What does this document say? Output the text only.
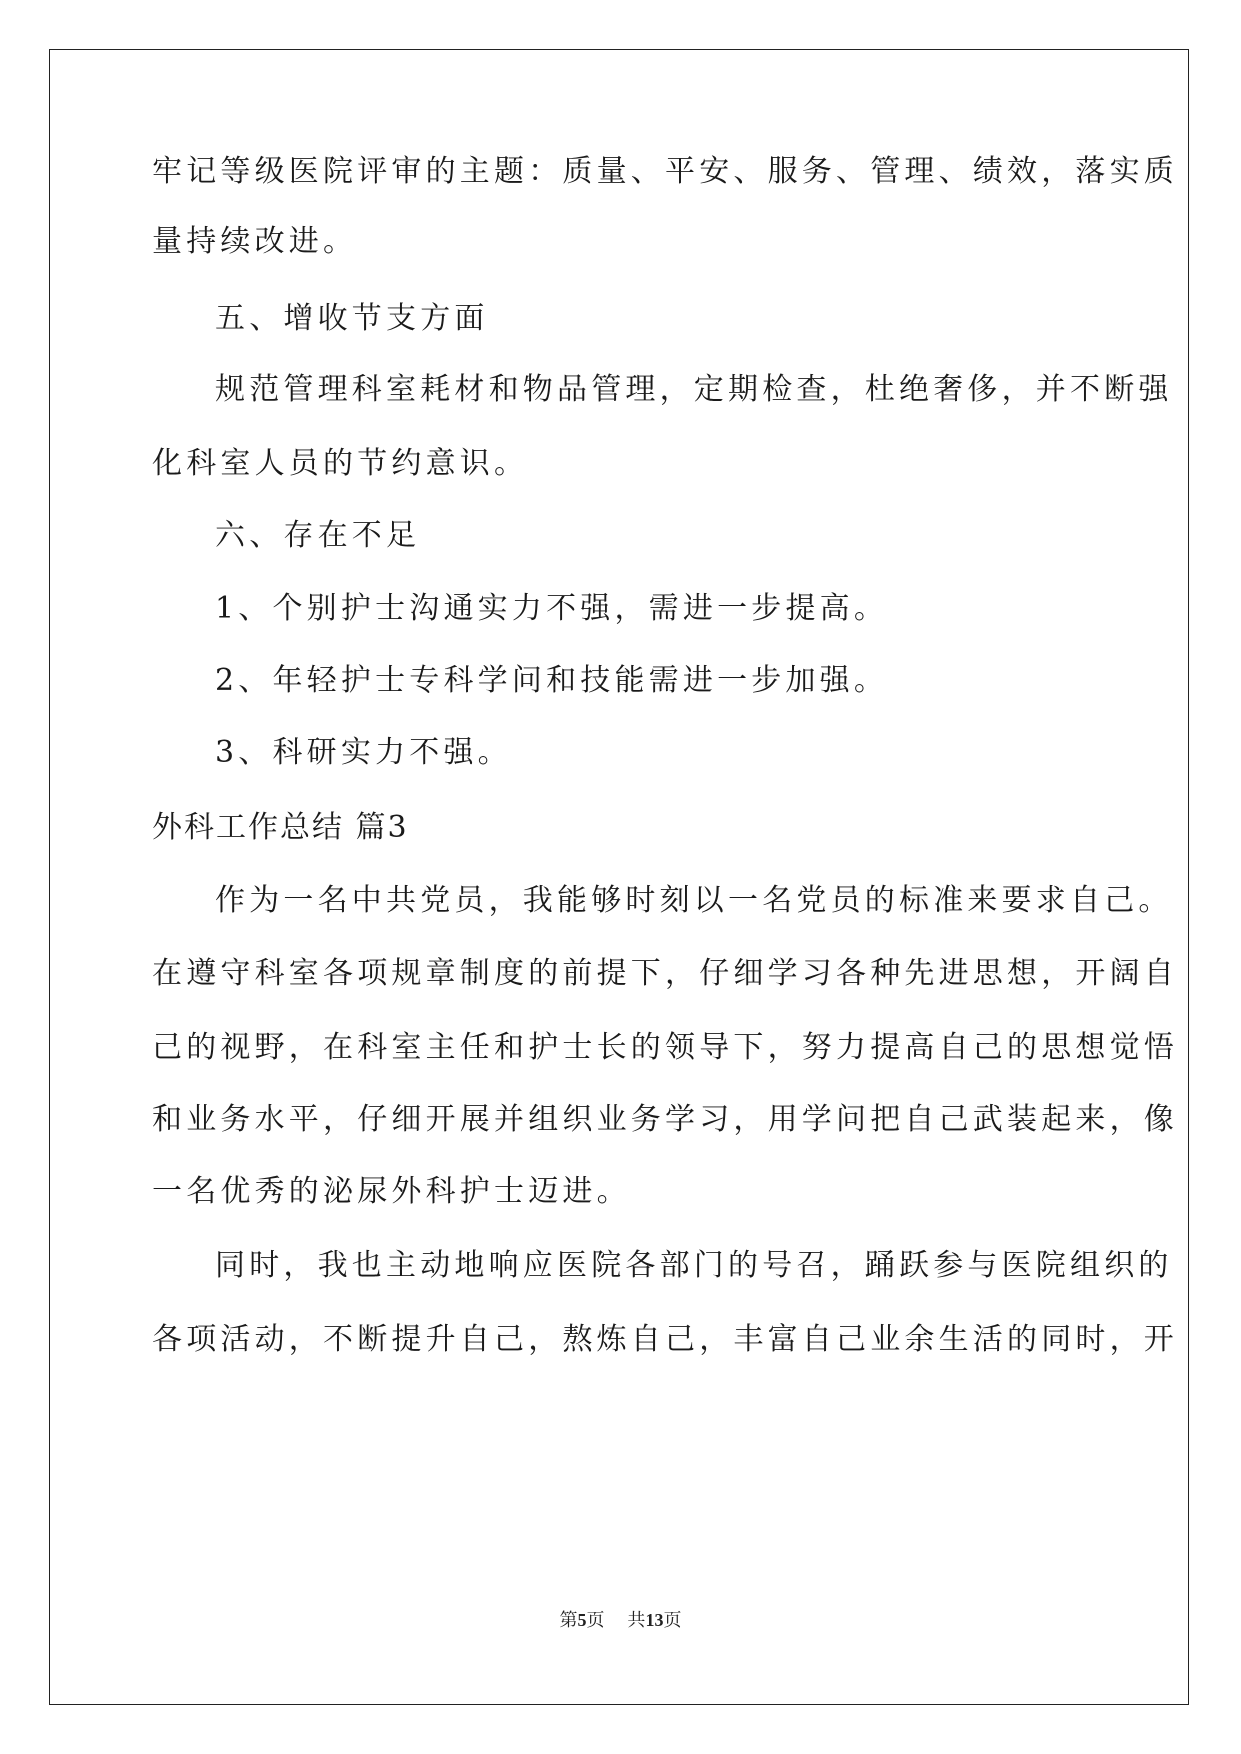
牢记等级医院评审的主题：质量、平安、服务、管理、绩效，落实质
量持续改进。
五、增收节支方面
规范管理科室耗材和物品管理，定期检查，杜绝奢侈，并不断强
化科室人员的节约意识。
六、存在不足
1、个别护士沟通实力不强，需进一步提高。
2、年轻护士专科学问和技能需进一步加强。
3、科研实力不强。
外科工作总结 篇3
作为一名中共党员，我能够时刻以一名党员的标准来要求自己。
在遵守科室各项规章制度的前提下，仔细学习各种先进思想，开阔自
己的视野，在科室主任和护士长的领导下，努力提高自己的思想觉悟
和业务水平，仔细开展并组织业务学习，用学问把自己武装起来，像
一名优秀的泌尿外科护士迈进。
同时，我也主动地响应医院各部门的号召，踊跃参与医院组织的
各项活动，不断提升自己，熬炼自己，丰富自己业余生活的同时，开
第5页    共13页
